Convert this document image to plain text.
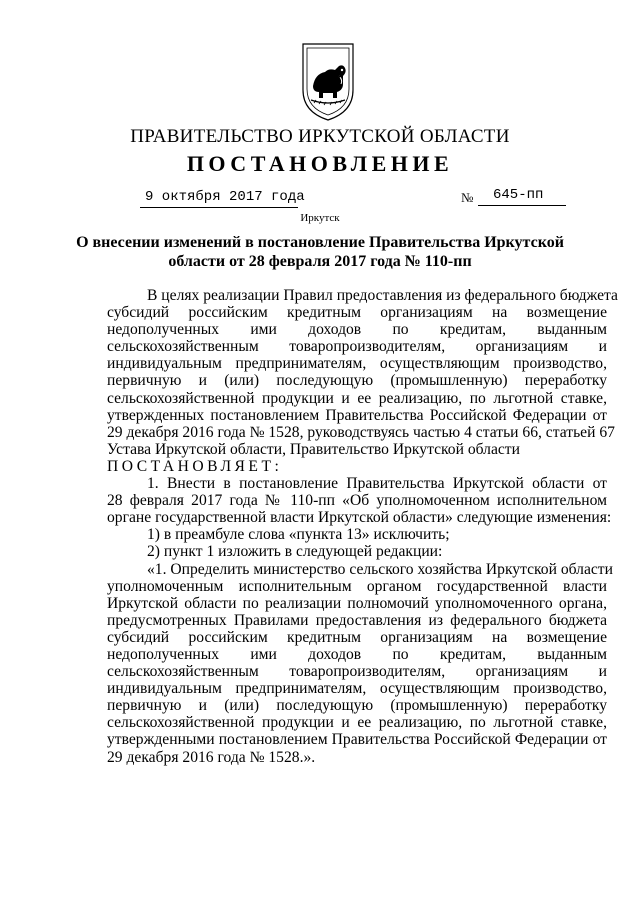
ПРАВИТЕЛЬСТВО ИРКУТСКОЙ ОБЛАСТИ
ПОСТАНОВЛЕНИЕ
9 октября 2017 года	№ 645-пп
Иркутск
О внесении изменений в постановление Правительства Иркутской
области от 28 февраля 2017 года № 110-пп
В целях реализации Правил предоставления из федерального бюджета
субсидий российским кредитным организациям на возмещение
недополученных ими доходов по кредитам, выданным
сельскохозяйственным товаропроизводителям, организациям и
индивидуальным предпринимателям, осуществляющим производство,
первичную и (или) последующую (промышленную) переработку
сельскохозяйственной продукции и ее реализацию, по льготной ставке,
утвержденных постановлением Правительства Российской Федерации от
29 декабря 2016 года № 1528, руководствуясь частью 4 статьи 66, статьей 67
Устава Иркутской области, Правительство Иркутской области
ПОСТАНОВЛЯЕТ:
1. Внести в постановление Правительства Иркутской области от
28 февраля 2017 года № 110-пп «Об уполномоченном исполнительном
органе государственной власти Иркутской области» следующие изменения:
1) в преамбуле слова «пункта 13» исключить;
2) пункт 1 изложить в следующей редакции:
«1. Определить министерство сельского хозяйства Иркутской области
уполномоченным исполнительным органом государственной власти
Иркутской области по реализации полномочий уполномоченного органа,
предусмотренных Правилами предоставления из федерального бюджета
субсидий российским кредитным организациям на возмещение
недополученных ими доходов по кредитам, выданным
сельскохозяйственным товаропроизводителям, организациям и
индивидуальным предпринимателям, осуществляющим производство,
первичную и (или) последующую (промышленную) переработку
сельскохозяйственной продукции и ее реализацию, по льготной ставке,
утвержденными постановлением Правительства Российской Федерации от
29 декабря 2016 года № 1528.».
